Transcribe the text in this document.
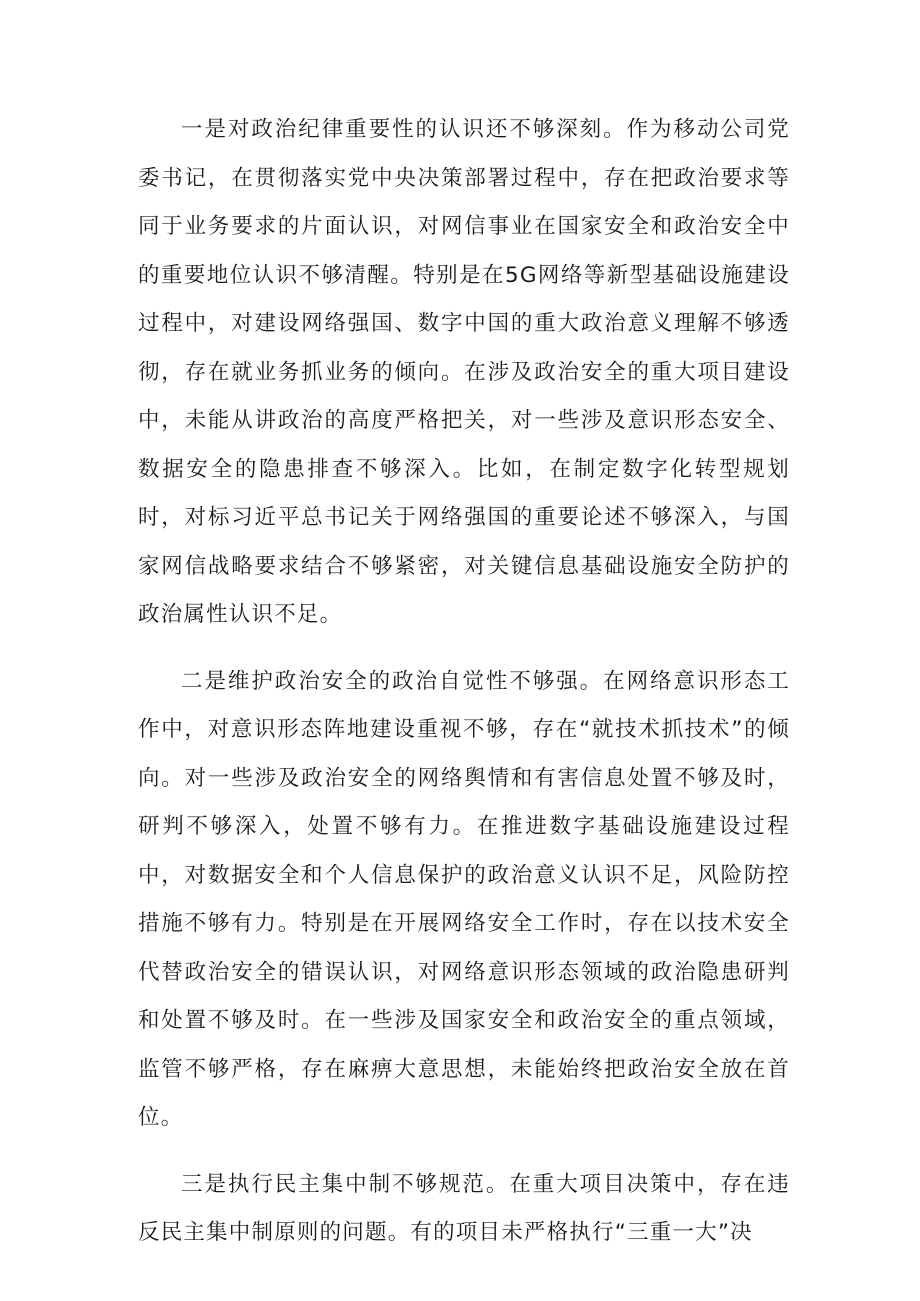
一是对政治纪律重要性的认识还不够深刻。作为移动公司党委书记，在贯彻落实党中央决策部署过程中，存在把政治要求等同于业务要求的片面认识，对网信事业在国家安全和政治安全中的重要地位认识不够清醒。特别是在5G网络等新型基础设施建设过程中，对建设网络强国、数字中国的重大政治意义理解不够透彻，存在就业务抓业务的倾向。在涉及政治安全的重大项目建设中，未能从讲政治的高度严格把关，对一些涉及意识形态安全、数据安全的隐患排查不够深入。比如，在制定数字化转型规划时，对标习近平总书记关于网络强国的重要论述不够深入，与国家网信战略要求结合不够紧密，对关键信息基础设施安全防护的政治属性认识不足。

二是维护政治安全的政治自觉性不够强。在网络意识形态工作中，对意识形态阵地建设重视不够，存在“就技术抓技术”的倾向。对一些涉及政治安全的网络舆情和有害信息处置不够及时，研判不够深入，处置不够有力。在推进数字基础设施建设过程中，对数据安全和个人信息保护的政治意义认识不足，风险防控措施不够有力。特别是在开展网络安全工作时，存在以技术安全代替政治安全的错误认识，对网络意识形态领域的政治隐患研判和处置不够及时。在一些涉及国家安全和政治安全的重点领域，监管不够严格，存在麻痹大意思想，未能始终把政治安全放在首位。

三是执行民主集中制不够规范。在重大项目决策中，存在违反民主集中制原则的问题。有的项目未严格执行“三重一大”决
